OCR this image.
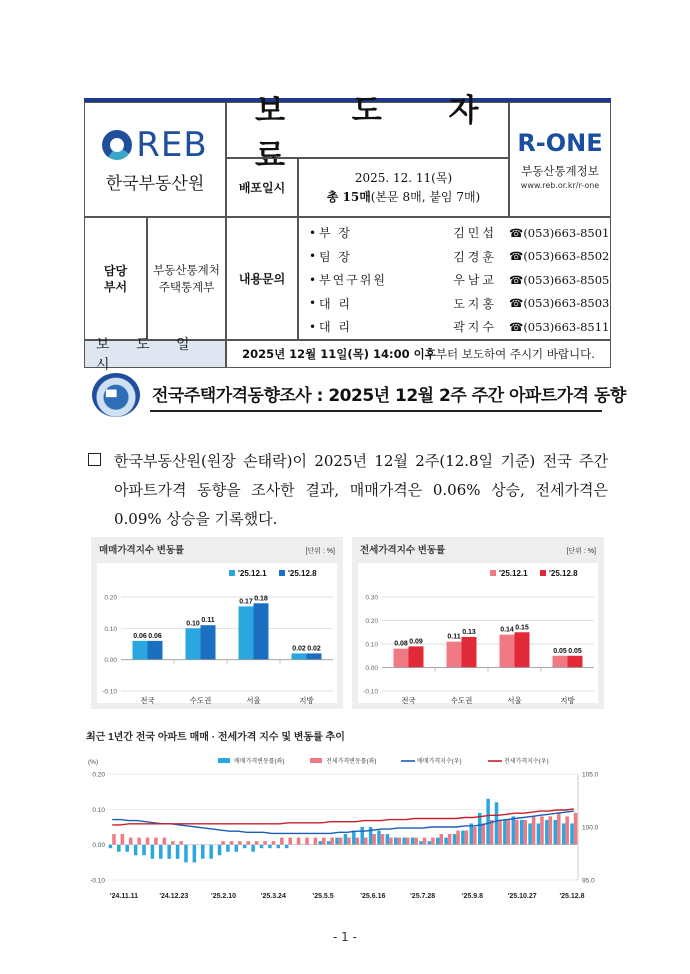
REB
한국부동산원
보 도 자 료	R-ONE
부동산통계정보
www.reb.or.kr/r-one
배포일시
2025. 12. 11(목)
총 15매(본문 8매, 붙임 7매)
담당
부서
부동산통계처
주택통계부
내용문의
• 부 장	김민섭	☎(053)663-8501
• 팀 장	김경훈	☎(053)663-8502
• 부연구위원	우남교	☎(053)663-8505
• 대 리	도지홍	☎(053)663-8503
• 대 리	곽지수	☎(053)663-8511
보 도 일 시
2025년 12월 11일(목) 14:00 이후 부터 보도하여 주시기 바랍니다.
▮▮▮
전국주택가격동향조사 : 2025년 12월 2주 주간 아파트가격 동향
한국부동산원(원장 손태락)이 2025년 12월 2주(12.8일 기준) 전국 주간 아파트가격 동향을 조사한 결과, 매매가격은 0.06% 상승, 전세가격은 0.09% 상승을 기록했다.
매매가격지수 변동률	[단위 : %]
'25.12.1	'25.12.8
0.20
0.10
0.00
-0.10
0.06 0.06
전국
0.10 0.11
수도권
0.17 0.18
서울
0.02 0.02
지방
전세가격지수 변동률	[단위 : %]
'25.12.1	'25.12.8
0.30
0.20
0.10
0.00
-0.10
0.08 0.09
전국
0.11
0.13
수도권
0.14 0.15
서울
0.05 0.05
지방
최근 1년간 전국 아파트 매매 · 전세가격 지수 및 변동률 추이
(%)	매매가격변동률(좌)	전세가격변동률(좌)	매매가격지수(우)	전세가격지수(우)
0.20
0.10
0.00
-0.10
105.0
100.0
95.0
'24.11.11	'24.12.23	'25.2.10	'25.3.24	'25.5.5	'25.6.16	'25.7.28	'25.9.8	'25.10.27	'25.12.8
- 1 -
